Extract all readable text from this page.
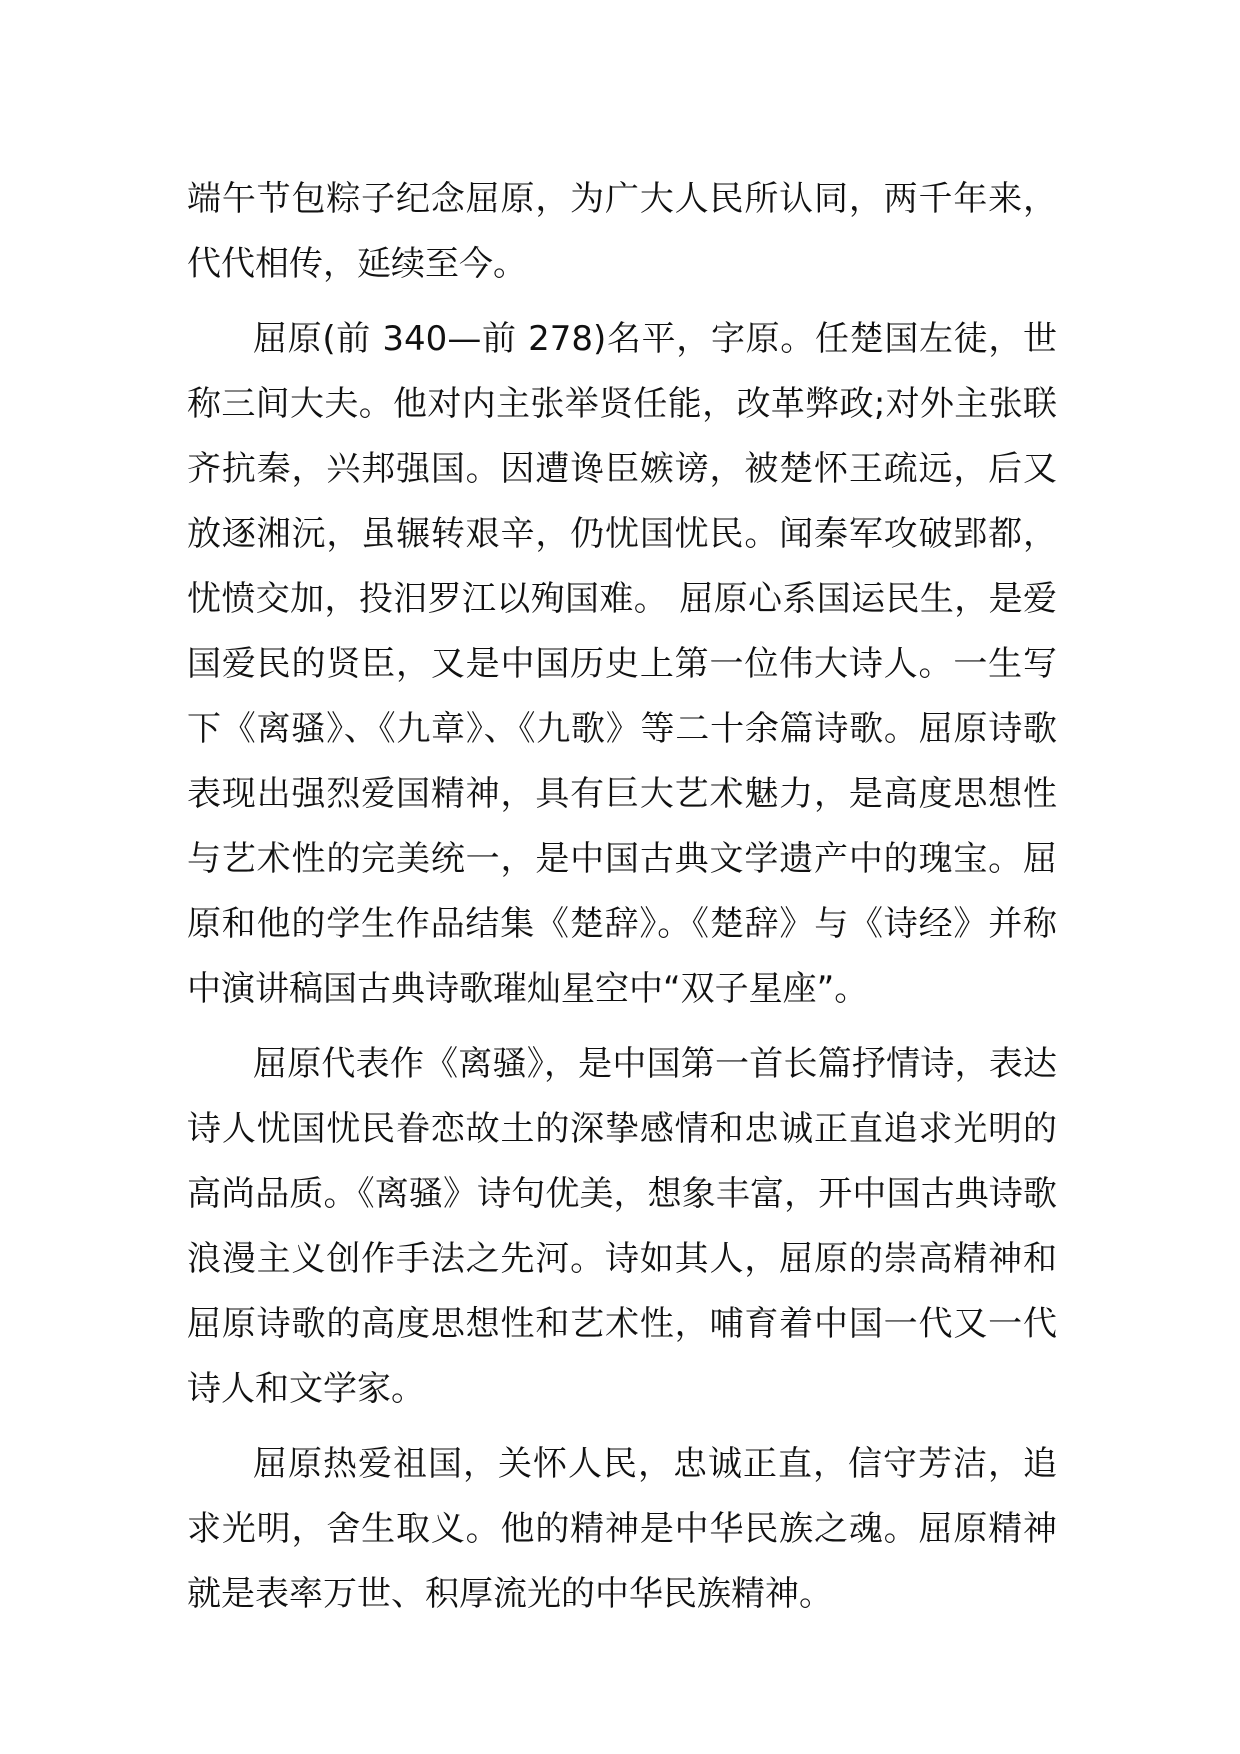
端午节包粽子纪念屈原，为广大人民所认同，两千年来，代代相传，延续至今。

屈原(前 340—前 278)名平，字原。任楚国左徒，世称三间大夫。他对内主张举贤任能，改革弊政;对外主张联齐抗秦，兴邦强国。因遭谗臣嫉谤，被楚怀王疏远，后又放逐湘沅，虽辗转艰辛，仍忧国忧民。闻秦军攻破郢都，忧愤交加，投汨罗江以殉国难。 屈原心系国运民生，是爱国爱民的贤臣，又是中国历史上第一位伟大诗人。一生写下《离骚》、《九章》、《九歌》等二十余篇诗歌。屈原诗歌表现出强烈爱国精神，具有巨大艺术魅力，是高度思想性与艺术性的完美统一，是中国古典文学遗产中的瑰宝。屈原和他的学生作品结集《楚辞》。《楚辞》与《诗经》并称中演讲稿国古典诗歌璀灿星空中“双子星座”。

屈原代表作《离骚》，是中国第一首长篇抒情诗，表达诗人忧国忧民眷恋故土的深挚感情和忠诚正直追求光明的高尚品质。《离骚》诗句优美，想象丰富，开中国古典诗歌浪漫主义创作手法之先河。诗如其人，屈原的崇高精神和屈原诗歌的高度思想性和艺术性，哺育着中国一代又一代诗人和文学家。

屈原热爱祖国，关怀人民，忠诚正直，信守芳洁，追求光明，舍生取义。他的精神是中华民族之魂。屈原精神就是表率万世、积厚流光的中华民族精神。
